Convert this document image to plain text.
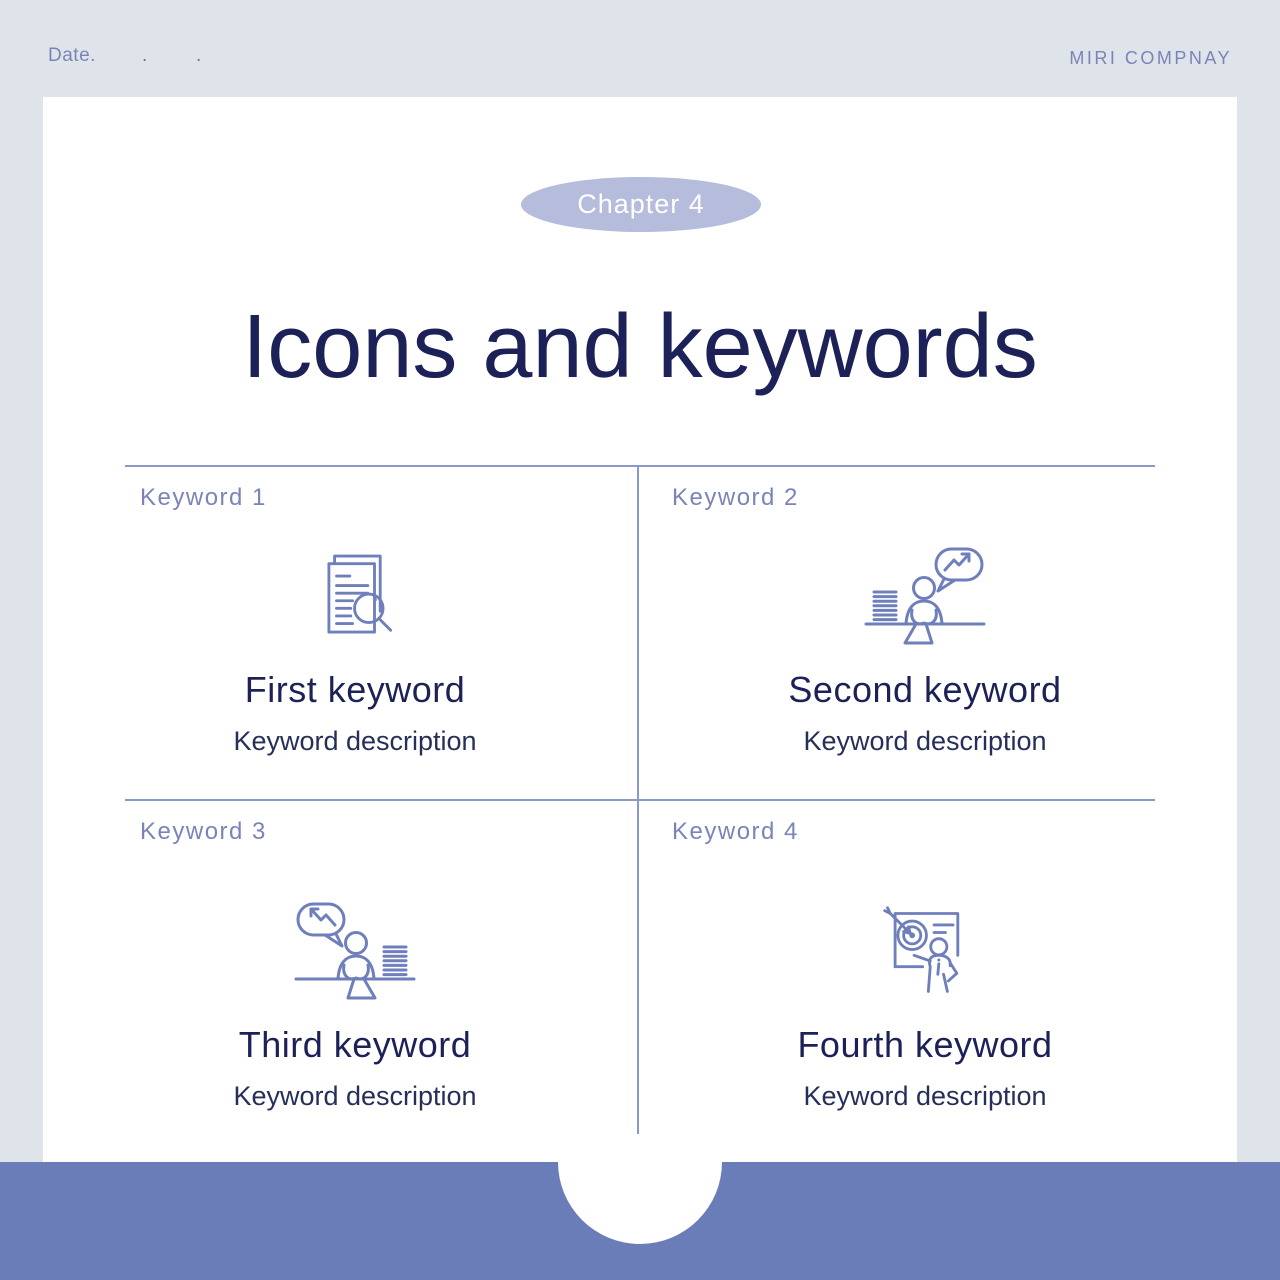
Date. .	.	MIRI COMPNAY
Chapter 4
Icons and keywords
Keyword 1	Keyword 2
Keyword 3	Keyword 4
First keyword
Keyword description
Second keyword
Keyword description
Third keyword
Keyword description
Fourth keyword
Keyword description
